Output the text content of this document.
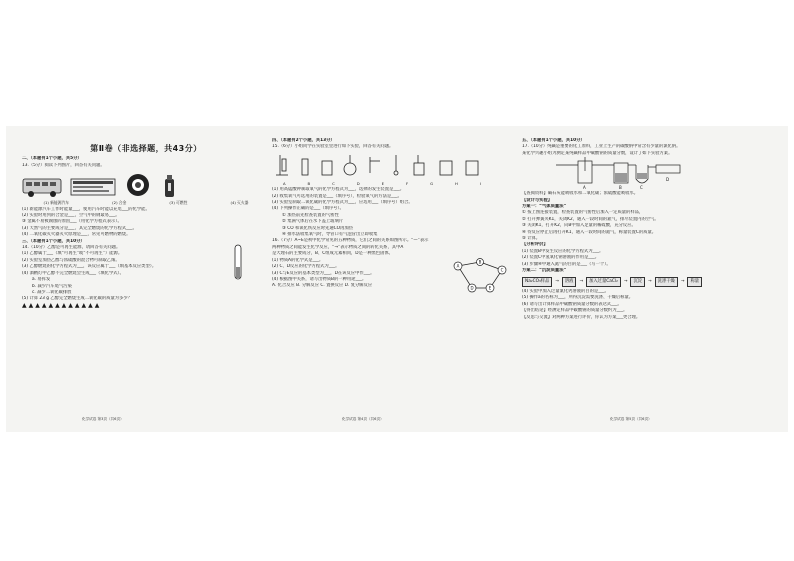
第Ⅱ卷（非选择题，共43分）

二、（本题有1个小题，共5分）

13.（5分）阅读下列图片，回答有关问题。

(1) 新能源汽车	(2) 合金	(3) 可燃性	(4) 灭火器

(1) 新能源汽车工作时能量___，使用汽车时能以充电___的化学能。

(2) 实验时用到的合金是___，空气中的钢最易___。

③ 金属不易被腐蚀的原因___（用化学方程式表示）。

(3) 天然气的主要成分是___，其完全燃烧的化学方程式___。

(4) 二氧化碳灭火器灭火原理是___，常见可燃物的燃烧。

三、（本题有1个小题，共10分）

14.（10分）乙醇是可再生能源，请回答有关问题。

(1) 乙醇属于___（填“可再生”或“不可再生”）能源。

(2) 实验室加热乙醇与浓硫酸的混合物可制取乙烯。

(3) 乙醇燃烧的化学方程式为___，该反应属于___（填基本反应类型）。

(4) 酒精灯中乙醇不完全燃烧会生成___（填化学式）。

a. 易挥发

b. 减少汽车尾气污染

c. 减少二氧化碳排放

(5) 计算 23 g 乙醇完全燃烧生成二氧化碳的质量为多少？

▲▲▲▲▲▲▲▲▲▲▲▲

化学试卷 第3页（共6页）

四、（本题有2个小题，共13分）

15.（6分）小组同学在实验室里进行如下实验，回答有关问题。

A	B	C	D	E	F	G	H	I

(1) 用高锰酸钾制取氧气的化学方程式为___，选择的发生装置是___。

(2) 收集氧气可选用的装置是___（填序号），检验氧气的方法是___。

(3) 实验室制取二氧化碳的化学方程式为___，应选用___（填序号）组合。

(4) 下列操作正确的是___（填序号）。

① 加热前先检查装置的气密性

② 集满气体后在水下盖上玻璃片

③ CO 和氧化铁反应时先通CO再加热

④ 排水法收集氧气时，导管口有气泡冒出立即收集

16.（7分）A~E是初中化学常见的五种物质，它们之间的关系如图所示。“—”表示

两种物质之间能发生化学反应，“→”表示物质之间的转化关系，其中A

是大理石的主要成分，B、C组成元素相同，D是一种黑色固体。

A
B
C
D	E

(1) 物质A的化学式是___。

(2) C、D反应的化学方程式为___。

(3) C与E反应的基本类型为___，D在该反应中作___。

(4) 根据图中关系，请写出物质B的一种用途___。

A. 化合反应 B. 分解反应 C. 置换反应 D. 复分解反应

化学试卷 第4页（共6页）

五、（本题有1个小题，共10分）

17.（10分）纯碱是重要的化工原料，工业上生产的碳酸钠中常含有少量的氯化钠。

某化学兴趣小组为测定某纯碱样品中碳酸钠的质量分数，设计了如下实验方案。

A	B	C
D

【查阅资料】碱石灰能吸收水和二氧化碳；浓硫酸能吸收水。

【设计与实验】

方案一：“气体质量法”

① 按上图连接装置，检查装置的气密性后加入一定质量的样品，

② 打开弹簧夹K1，关闭K2，通入一段时间的氮气，排尽装置内的空气。

③ 关闭K1，打开K2，向B中加入足量的稀硫酸，充分反应。

④ 待反应停止后再打开K1，通入一段时间的氮气，称量装置C的质量。

⑤ 计算。

【分析评价】

(1) 装置B中发生反应的化学方程式为___。

(2) 装置C中氢氧化钠溶液的作用是___。

(3) 步骤④中通入氮气的目的是___（写一个）。

方案二：“沉淀质量法”

Na₂CO₃样品	→	溶液	→	加入过量CaCl₂	→	沉淀	→	洗涤干燥	→	称量

(4) 实验中加入过量氯化钙溶液的目的是___。

(5) 操作a的名称为___，所得沉淀需要洗涤、干燥后称量。

(6) 请写出计算样品中碳酸钠质量分数的表达式___。

【得出结论】经测定样品中碳酸钠的质量分数约为___。

【反思与交流】对两种方案进行评价，你认为方案___更合理。

化学试卷 第5页（共6页）
